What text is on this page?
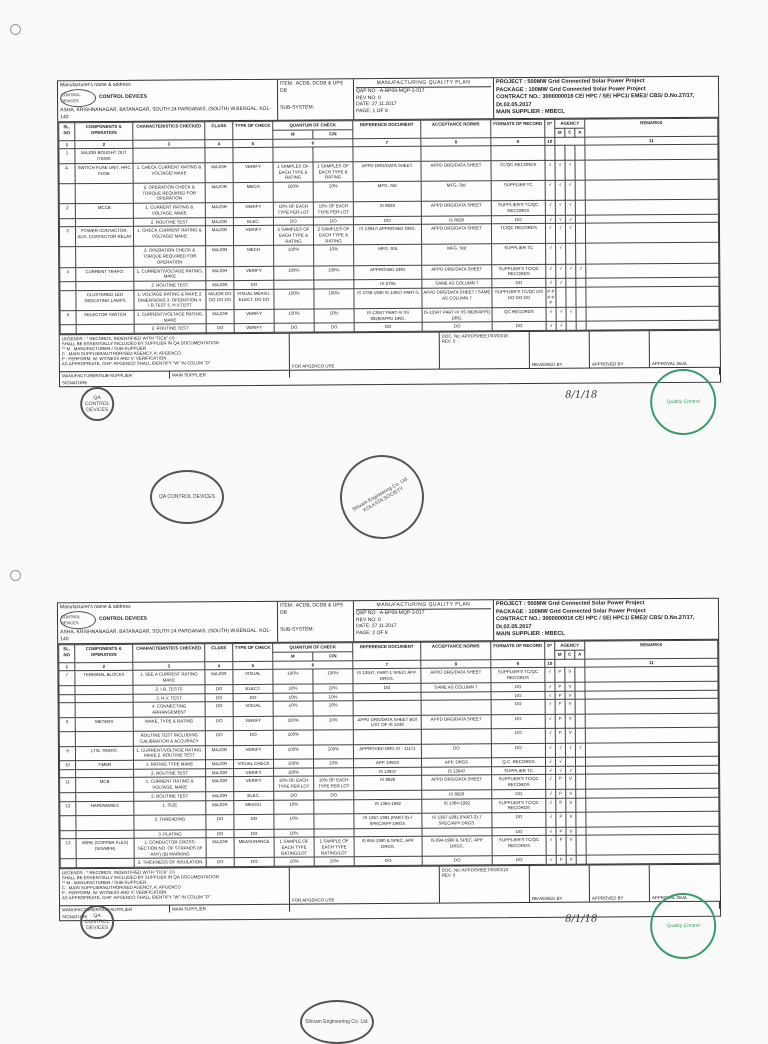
Manufacturer's name & address
CONTROL DEVICES
CONTROL DEVICES
ASHA, KRISHNANAGAR, BATANAGAR, SOUTH 24 PARGANAS, (SOUTH) W.BENGAL, KOL-140
ITEM : ACDB, DCDB & UPS DB
SUB-SYSTEM:
MANUFACTURING QUALITY PLAN
QAP NO: -A-BP09-MQP-3-017
REV NO: 0
DATE: 27.11.2017
PAGE: 1 OF 8
PROJECT : 500MW Grid Connected Solar Power Project
PACKAGE : 100MW Grid Connected Solar Power Project
CONTRACT NO.: 3000000016 CE/ HPC / SE/ HPC1/ EME2/ CBS/ D.No.27/17, Dt.02.05.2017
MAIN SUPPLIER : MBECL
SL. NO	COMPONENTS & OPERATION	CHARACTERISTICS CHECKED	CLASS	TYPE OF CHECK	QUANTUM OF CHECK		REFERENCE DOCUMENT	ACCEPTANCE NORMS	FORMATS OF RECORD	D*	AGENCY			REMARKS
					M	C/N					M	C	A	
1	2	3	4	5	6		7	8	9	10				11
1	MAJOR BOUGHT OUT ITEMS													
A.	SWITCH FUSE UNIT, HRC FUSE	1. CHECK CURRENT RATING & VOLTAGE/ MAKE	MAJOR	VERIFY	1 SAMPLES OF EACH TYPE & RATING	1 SAMPLES OF EACH TYPE & RATING	APPD DRG/DATA SHEET	APPD DRG/DATA SHEET	TC/QC RECORDS	√	√	√		
		2. OPERATION CHECK & TORQUE REQUIRED FOR OPERATION	MAJOR	MECH	100%	10%	MFG. Std	MFG. Std	SUPPLIER TC	√	√	√		
2	MCCB	1. CURRENT RATING & VOLTAGE, MAKE	MAJOR	VERIFY	10% OF EACH TYPE PER LOT	10% OF EACH TYPE PER LOT	IS 8828	APPD DRG/DATA SHEET	SUPPLIER'S TC/QC RECORDS	√	√	√		
		2. ROUTINE TEST	MAJOR	ELEC.	DO	DO	DO	IS 8828	DO	√	√	√		
3	POWER CONTACTOR, AUX. CONTACTOR RELAY	1. CHECK CURRENT RATING & VOLTAGE/ MAKE	MAJOR	VERIFY	5 SAMPLES OF EACH TYPE & RATING	2 SAMPLES OF EACH TYPE & RATING	IS 13947/ APPROVED DRG.	APPD DRG/DATA SHEET	TC/QC RECORDS	√	√	√		
		2. OPERATION CHECK & TORQUE REQUIRED FOR OPERATION	MAJOR	MECH	100%	10%	MFG. Std	MFG. Std	SUPPLIER TC	√	√			
4	CURRENT TRAFO.	1. CURRENT/VOLTAGE RATING, MAKE	MAJOR	VERIFY	100%	100%	APPROVED DRG	APPD DRG/DATA SHEET	SUPPLIER'S TC/QC RECORDS	√	√	√	√	
		2. ROUTINE TEST	MAJOR	DO			IS-2705	SAME AS COLUMN 7	DO	√	√			
	CLUSTERED LED INDICATING LAMPS	1. VOLTAGE RATING & MAKE 2. DIMENSIONS 3. OPERATION 4. I.R.TEST 5. H.V.TEST	MAJOR DO DO DO DO	VISUAL MEASU. ELECT. DO DO	100%	100%	IS 4736-1990 IS 13947-PART-5	APPD DRG/DATA SHEET / SAME AS COLUMN 7	SUPPLIER'S TC/QC DO DO DO DO	P P P P P				
5	SELECTOR SWITCH	1. CURRENT/VOLTAGE RATING, MAKE	MAJOR	VERIFY	100%	10%	IS-13947 PART-IV /IS 8828/APPD DRG.	IS-13947 PART-IV /IS 8828/APPD DRG.	QC RECORDS	√	√	√		
		2. ROUTINE TEST	DO	VERIFY	DO	DO	DO	DO	DO	√	√			
LEGENDS : * RECORDS, INDENTIFIED WITH "TICK" (√)
SHALL BE ESSENTIALLY INCLUDED BY SUPPLIER IN QA DOCUMENTATION
** M : MANUFACTURER / SUB-SUPPLIER
C : MAIN SUPPLIER/AUTHORISED AGENCY, A: APGENCO
P : PERFORM, W: WITNESS AND V: VERIFICATION
AS APPROPRIATE, CHP: APGENCO SHALL IDENTIFY "W" IN COLUM "D"	FOR APGENCO USE
DOC. No: APPD/SHEET/03/03/18
REV. 0
REVIEWED BY	APPROVED BY	APPROVAL SEAL
MANUFACTURER/SUB-SUPPLIER	MAIN SUPPLIER
SIGNATURE
QA CONTROL DEVICES
Quality Control
8/1/18
Manufacturer's name & address
CONTROL DEVICES
CONTROL DEVICES
ASHA, KRISHNANAGAR, BATANAGAR, SOUTH 24 PARGANAS, (SOUTH) W.BENGAL, KOL-140
ITEM : ACDB, DCDB & UPS DB
SUB-SYSTEM:
MANUFACTURING QUALITY PLAN
QAP NO: -A-BP09-MQP-3-017
REV NO: 0
DATE: 27.11.2017
PAGE: 2 OF 8
PROJECT : 500MW Grid Connected Solar Power Project
PACKAGE : 100MW Grid Connected Solar Power Project
CONTRACT NO.: 3000000016 CE/ HPC / SE/ HPC1/ EME2/ CBS/ D.No.27/17, Dt.02.05.2017
MAIN SUPPLIER : MBECL
SL. NO	COMPONENTS & OPERATION	CHARACTERISTICS CHECKED	CLASS	TYPE OF CHECK	QUANTUM OF CHECK		REFERENCE DOCUMENT	ACCEPTANCE NORMS	FORMATS OF RECORD	D*	AGENCY			REMARKS
					M	C/N					M	C	A	
1	2	3	4	5	6		7	8	9	10				11
7	TERMINAL BLOCKS	1. SEE A CURRENT RATING MAKE	MAJOR	VISUAL	100%	100%	IS 13947, PART-1 SPEC/ APP. DRGS.	APPD DRG/DATA SHEET	SUPPLIER'S TC/QC RECORDS	√	P	V		
		2. I.R. TESTS	DO	ELECT.	10%	10%	DO	SAME AS COLUMN 7	DO	√	P	V		
		3. H.V. TEST	DO	DO	10%	10%			DO	√	P	V		
		4. CONNECTING ARRANGEMENT	DO	VISUAL	10%	10%			DO	√	P	V		
8	METERS	MAKE, TYPE & RATING	DO	VERIFY	100%	10%	APPD DRG/DATA SHEET BOI LIST OF IS 1248	APPD DRG/DATA SHEET	DO	√	P	V		
		ROUTINE TEST INCLUDING CALIBRATION & ACCURACY	DO	DO	100%				DO	√	P	V		
9	LT/IL TRAFO.	1. CURRENT/VOLTAGE RATING, MAKE 2. ROUTINE TEST	MAJOR	VERIFY	100%	100%	APPROVED DRG IS - 11171	DO	DO	√	√	√	√	
10	TIMER	1. RATING TYPE MAKE	MAJOR	VISUAL CHECK	100%	10%	APP. DRGS	APP. DRGS	Q.C. RECORDS	√	√			
		2. ROUTINE TEST	MAJOR	VERIFY	100%		IS 13947	IS 13947	SUPPLIER TC	√	√	√		
11	MCB	1. CURRENT RATING & VOLTAGE, MAKE	MAJOR	VERIFY	10% OF EACH TYPE PER LOT	10% OF EACH TYPE PER LOT	IS 8828	APPD DRG/DATA SHEET	SUPPLIER'S TC/QC RECORDS	√	P	V		
		2. ROUTINE TEST	MAJOR	ELEC.	DO	DO		IS 8828	DO	√	P	V		
12	HARDWARES	1. SIZE	MAJOR	MEASU.	10%		IS 1364-1992	IS 1364-1992	SUPPLIER'S TC/QC RECORDS	√	P	V		
		2. THREADING	DO	DO	10%		IS 1367-1991 (PART-3)-7 SPEC/APP DRGS.	IS 1367-1991 (PART-3)-7 SPEC/APP DRGS.	DO	√	P	V		
		3. PLATING	DO	DO	10%				DO	√	P	V		
13	WIRE (COPPER FLEX) (SIS/MFR)	1. CONDUCTOR CROSS-SECTION NO. OF STRANDS (IF ANY) (B) MARKING	MAJOR	MEASURANCE	1 SAMPLE OF EACH TYPE RATING/LOT	1 SAMPLE OF EACH TYPE RATING/LOT	IS 694-1990 & SPEC. APP. DRGS.	IS 694-1990 & SPEC. APP. DRGS.	SUPPLIER'S TC/QC RECORDS	√	P	V		
		2. THICKNESS OF INSULATION	DO	DO	10%	10%	DO	DO	DO	√	P	V		
LEGENDS : * RECORDS, INDENTIFIED WITH "TICK" (√)
SHALL BE ESSENTIALLY INCLUDED BY SUPPLIER IN QA DOCUMENTATION
** M : MANUFACTURER / SUB-SUPPLIER
C : MAIN SUPPLIER/AUTHORISED AGENCY, A: APGENCO
P : PERFORM, W: WITNESS AND V: VERIFICATION
AS APPROPRIATE, CHP: APGENCO SHALL IDENTIFY "W" IN COLUM "D"	FOR APGENCO USE
DOC. No: APPD/SHEET/03/03/18
REV. 0
REVIEWED BY	APPROVED BY	APPROVAL SEAL
MANUFACTURER/SUB-SUPPLIER	MAIN SUPPLIER
SIGNATURE	QA CONTROL DEVICES	Quality Control
8/1/18
Shivam Engineering Co. Ltd. KOLKATA SOCIETY
QA CONTROL DEVICES
Shivam Engineering Co. Ltd.
